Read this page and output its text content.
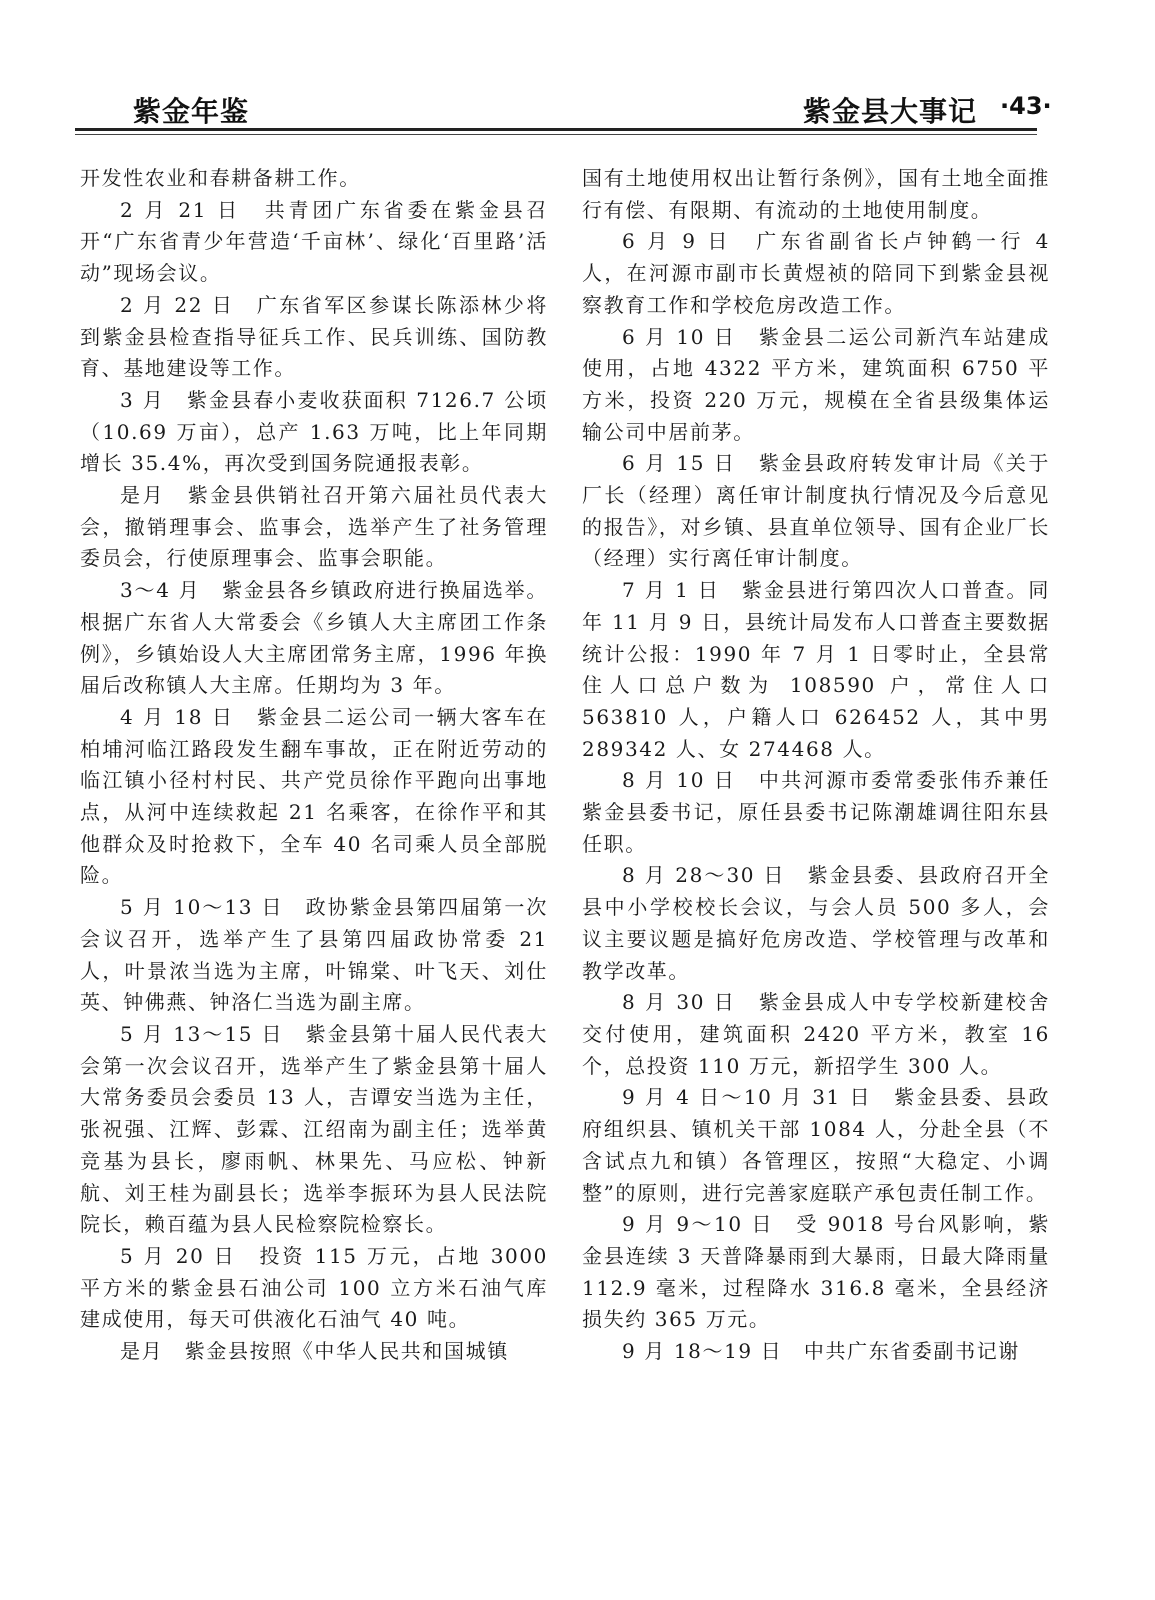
紫金年鉴	紫金县大事记 ·43·

开发性农业和春耕备耕工作。

2 月 21 日　共青团广东省委在紫金县召开“广东省青少年营造‘千亩林’、绿化‘百里路’活动”现场会议。

2 月 22 日　广东省军区参谋长陈添林少将到紫金县检查指导征兵工作、民兵训练、国防教育、基地建设等工作。

3 月　紫金县春小麦收获面积 7126.7 公顷（10.69 万亩），总产 1.63 万吨，比上年同期增长 35.4%，再次受到国务院通报表彰。

是月　紫金县供销社召开第六届社员代表大会，撤销理事会、监事会，选举产生了社务管理委员会，行使原理事会、监事会职能。

3～4 月　紫金县各乡镇政府进行换届选举。根据广东省人大常委会《乡镇人大主席团工作条例》，乡镇始设人大主席团常务主席，1996 年换届后改称镇人大主席。任期均为 3 年。

4 月 18 日　紫金县二运公司一辆大客车在柏埔河临江路段发生翻车事故，正在附近劳动的临江镇小径村村民、共产党员徐作平跑向出事地点，从河中连续救起 21 名乘客，在徐作平和其他群众及时抢救下，全车 40 名司乘人员全部脱险。

5 月 10～13 日　政协紫金县第四届第一次会议召开，选举产生了县第四届政协常委 21 人，叶景浓当选为主席，叶锦棠、叶飞天、刘仕英、钟佛燕、钟洛仁当选为副主席。

5 月 13～15 日　紫金县第十届人民代表大会第一次会议召开，选举产生了紫金县第十届人大常务委员会委员 13 人，吉谭安当选为主任，张祝强、江辉、彭霖、江绍南为副主任；选举黄竞基为县长，廖雨帆、林果先、马应松、钟新航、刘王桂为副县长；选举李振环为县人民法院院长，赖百蕴为县人民检察院检察长。

5 月 20 日　投资 115 万元，占地 3000 平方米的紫金县石油公司 100 立方米石油气库建成使用，每天可供液化石油气 40 吨。

是月　紫金县按照《中华人民共和国城镇

国有土地使用权出让暂行条例》，国有土地全面推行有偿、有限期、有流动的土地使用制度。

6 月 9 日　广东省副省长卢钟鹤一行 4 人，在河源市副市长黄煜祯的陪同下到紫金县视察教育工作和学校危房改造工作。

6 月 10 日　紫金县二运公司新汽车站建成使用，占地 4322 平方米，建筑面积 6750 平方米，投资 220 万元，规模在全省县级集体运输公司中居前茅。

6 月 15 日　紫金县政府转发审计局《关于厂长（经理）离任审计制度执行情况及今后意见的报告》，对乡镇、县直单位领导、国有企业厂长（经理）实行离任审计制度。

7 月 1 日　紫金县进行第四次人口普查。同年 11 月 9 日，县统计局发布人口普查主要数据统计公报：1990 年 7 月 1 日零时止，全县常住人口总户数为 108590 户，常住人口 563810 人，户籍人口 626452 人，其中男 289342 人、女 274468 人。

8 月 10 日　中共河源市委常委张伟乔兼任紫金县委书记，原任县委书记陈潮雄调往阳东县任职。

8 月 28～30 日　紫金县委、县政府召开全县中小学校校长会议，与会人员 500 多人，会议主要议题是搞好危房改造、学校管理与改革和教学改革。

8 月 30 日　紫金县成人中专学校新建校舍交付使用，建筑面积 2420 平方米，教室 16 个，总投资 110 万元，新招学生 300 人。

9 月 4 日～10 月 31 日　紫金县委、县政府组织县、镇机关干部 1084 人，分赴全县（不含试点九和镇）各管理区，按照“大稳定、小调整”的原则，进行完善家庭联产承包责任制工作。

9 月 9～10 日　受 9018 号台风影响，紫金县连续 3 天普降暴雨到大暴雨，日最大降雨量 112.9 毫米，过程降水 316.8 毫米，全县经济损失约 365 万元。

9 月 18～19 日　中共广东省委副书记谢
